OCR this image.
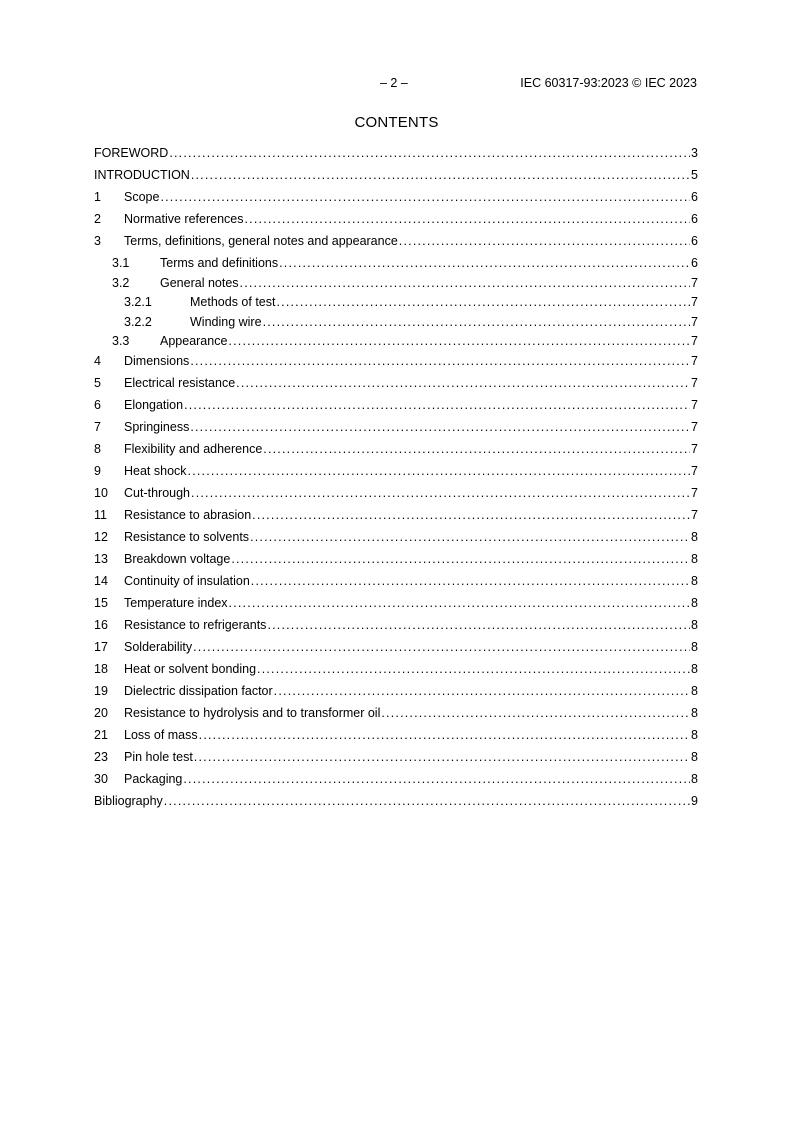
– 2 –	IEC 60317-93:2023 © IEC 2023
CONTENTS
FOREWORD .....	3
INTRODUCTION .....	5
1	Scope .....	6
2	Normative references .....	6
3	Terms, definitions, general notes and appearance .....	6
3.1	Terms and definitions .....	6
3.2	General notes .....	7
3.2.1	Methods of test .....	7
3.2.2	Winding wire .....	7
3.3	Appearance .....	7
4	Dimensions .....	7
5	Electrical resistance .....	7
6	Elongation .....	7
7	Springiness .....	7
8	Flexibility and adherence .....	7
9	Heat shock .....	7
10	Cut-through .....	7
11	Resistance to abrasion .....	7
12	Resistance to solvents .....	8
13	Breakdown voltage .....	8
14	Continuity of insulation .....	8
15	Temperature index .....	8
16	Resistance to refrigerants .....	8
17	Solderability .....	8
18	Heat or solvent bonding .....	8
19	Dielectric dissipation factor .....	8
20	Resistance to hydrolysis and to transformer oil .....	8
21	Loss of mass .....	8
23	Pin hole test .....	8
30	Packaging .....	8
Bibliography .....	9
